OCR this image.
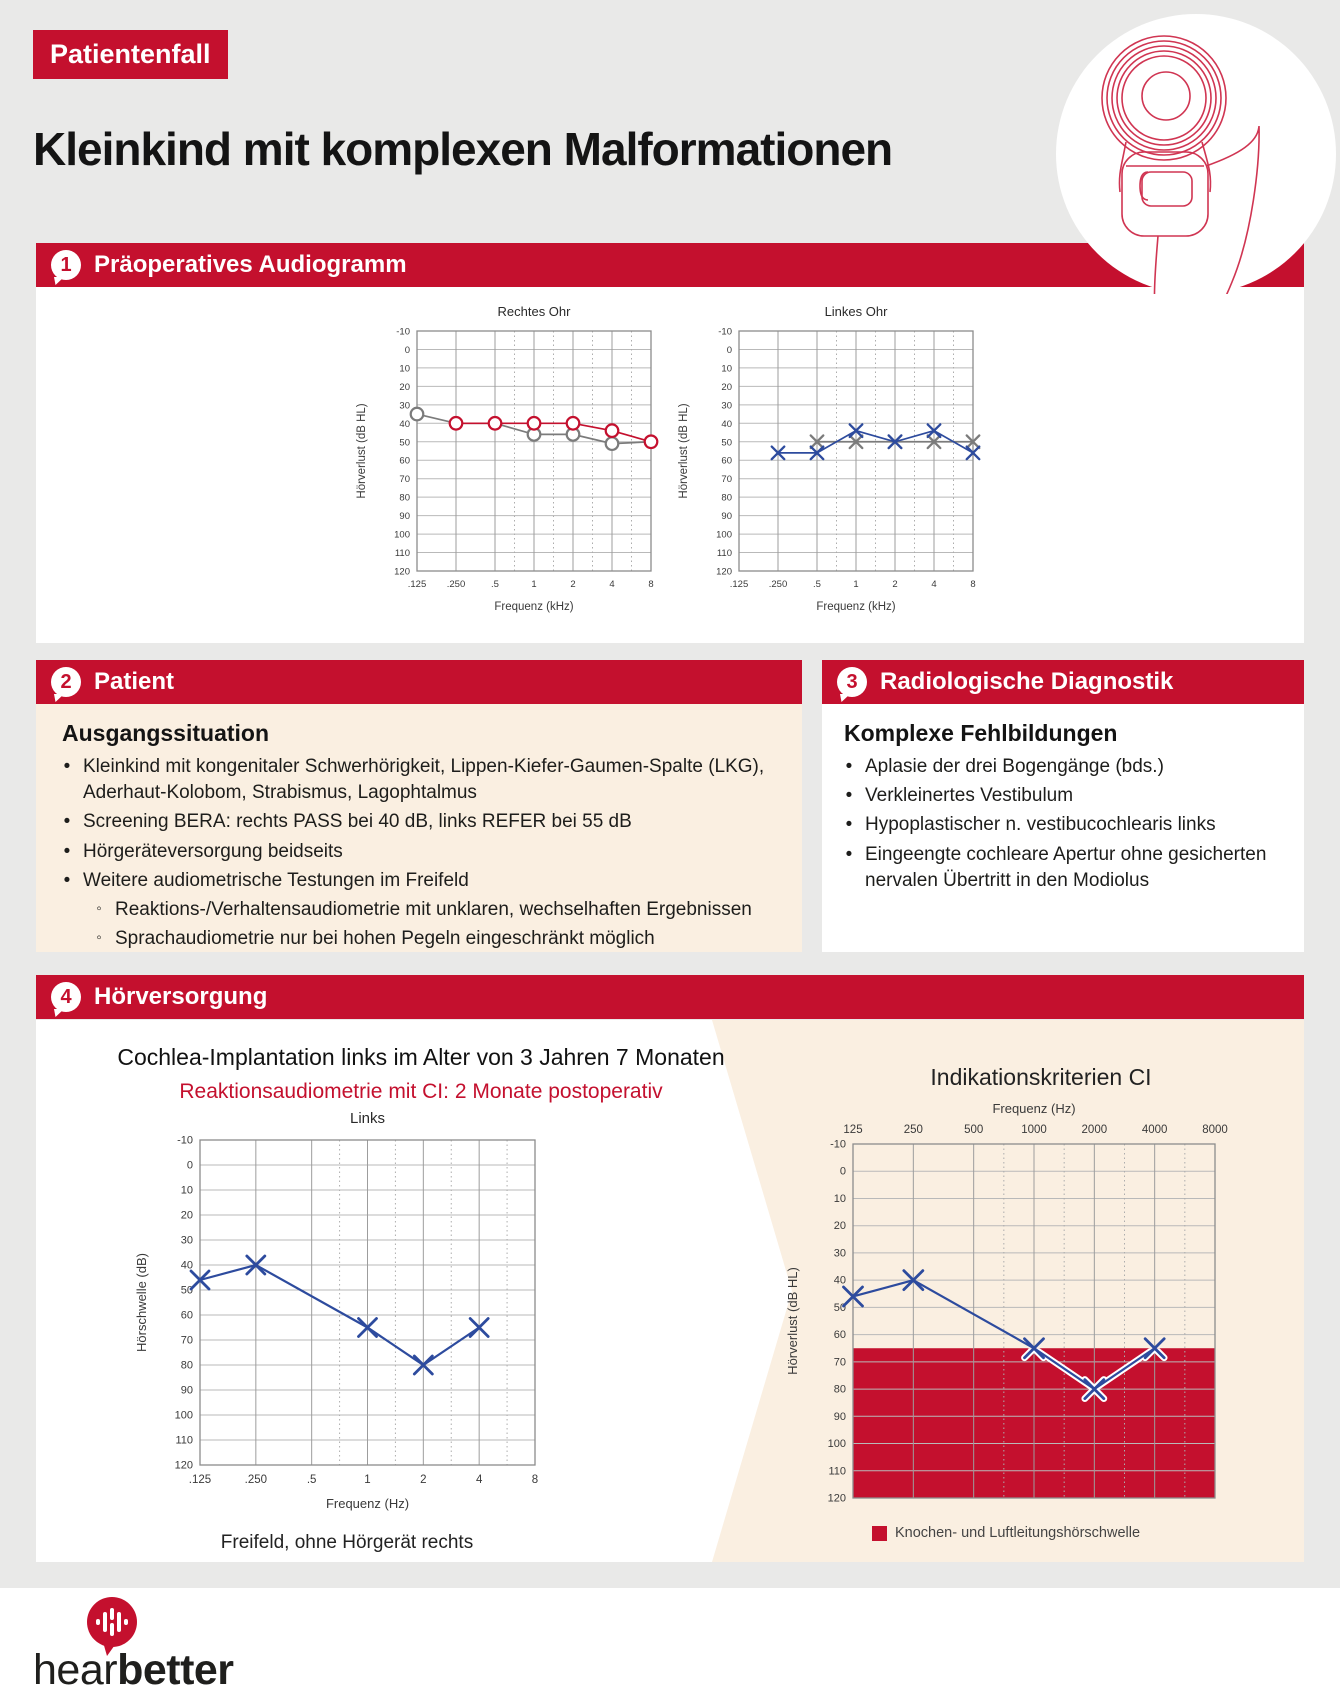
Patientenfall
Kleinkind mit komplexen Malformationen
1 Präoperatives Audiogramm
-10
0
10
20
30
40
50
60
70
80
90
100
110
120
.125 .250	.5	1	2	4	8
Frequenz (kHz)
Rechtes Ohr
Hörverlust (dB HL)
-10
0
10
20
30
40
50
60
70
80
90
100
110
120
.125 .250	.5	1	2	4	8
Frequenz (kHz)
Linkes Ohr
Hörverlust (dB HL)
2 Patient
Ausgangssituation
• Kleinkind mit kongenitaler Schwerhörigkeit, Lippen-Kiefer-Gaumen-Spalte (LKG), Aderhaut-Kolobom, Strabismus, Lagophtalmus
• Screening BERA: rechts PASS bei 40 dB, links REFER bei 55 dB
• Hörgeräteversorgung beidseits
• Weitere audiometrische Testungen im Freifeld
◦ Reaktions-/Verhaltensaudiometrie mit unklaren, wechselhaften Ergebnissen
◦ Sprachaudiometrie nur bei hohen Pegeln eingeschränkt möglich
3 Radiologische Diagnostik
Komplexe Fehlbildungen
• Aplasie der drei Bogengänge (bds.)
• Verkleinertes Vestibulum
• Hypoplastischer n. vestibucochlearis links
• Eingeengte cochleare Apertur ohne gesicherten nervalen Übertritt in den Modiolus
4 Hörversorgung
Cochlea-Implantation links im Alter von 3 Jahren 7 Monaten
Reaktionsaudiometrie mit CI: 2 Monate postoperativ
-10
0
10
20
30
40
50
60
70
80
90
100
110
120
.125	.250	.5	1	2	4	8
Frequenz (Hz)
Links
Hörschwelle (dB)
Freifeld, ohne Hörgerät rechts
Indikationskriterien CI
-10
0
10
20
30
40
50
60
70
80
90
100
110
120
125	250	500	1000	2000	4000	8000
Frequenz (Hz)
Hörverlust (dB HL)
Knochen- und Luftleitungshörschwelle
hearbetter
